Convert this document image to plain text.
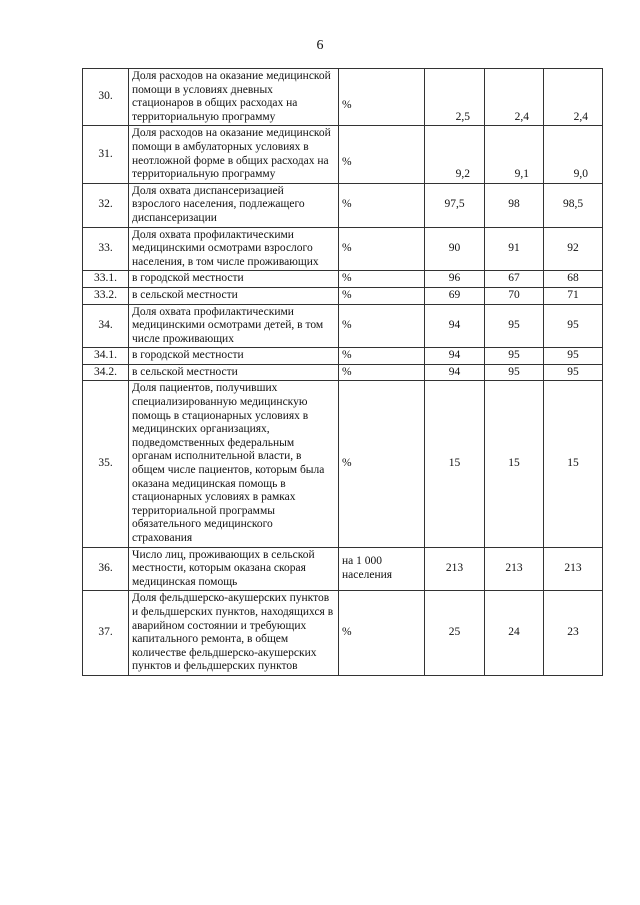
6
30.	Доля расходов на оказание медицинской помощи в условиях дневных стационаров в общих расходах на территориальную программу	%	2,5	2,4	2,4
31.	Доля расходов на оказание медицинской помощи в амбулаторных условиях в неотложной форме в общих расходах на территориальную программу	%	9,2	9,1	9,0
32.	Доля охвата диспансеризацией взрослого населения, подлежащего диспансеризации	%	97,5	98	98,5
33.	Доля охвата профилактическими медицинскими осмотрами взрослого населения, в том числе проживающих	%	90	91	92
33.1.	в городской местности	%	96	67	68
33.2.	в сельской местности	%	69	70	71
34.	Доля охвата профилактическими медицинскими осмотрами детей, в том числе проживающих	%	94	95	95
34.1.	в городской местности	%	94	95	95
34.2.	в сельской местности	%	94	95	95
35.	Доля пациентов, получивших специализированную медицинскую помощь в стационарных условиях в медицинских организациях, подведомственных федеральным органам исполнительной власти, в общем числе пациентов, которым была оказана медицинская помощь в стационарных условиях в рамках территориальной программы обязательного медицинского страхования	%	15	15	15
36.	Число лиц, проживающих в сельской местности, которым оказана скорая медицинская помощь	на 1 000 населения	213	213	213
37.	Доля фельдшерско-акушерских пунктов и фельдшерских пунктов, находящихся в аварийном состоянии и требующих капитального ремонта, в общем количестве фельдшерско-акушерских пунктов и фельдшерских пунктов	%	25	24	23
